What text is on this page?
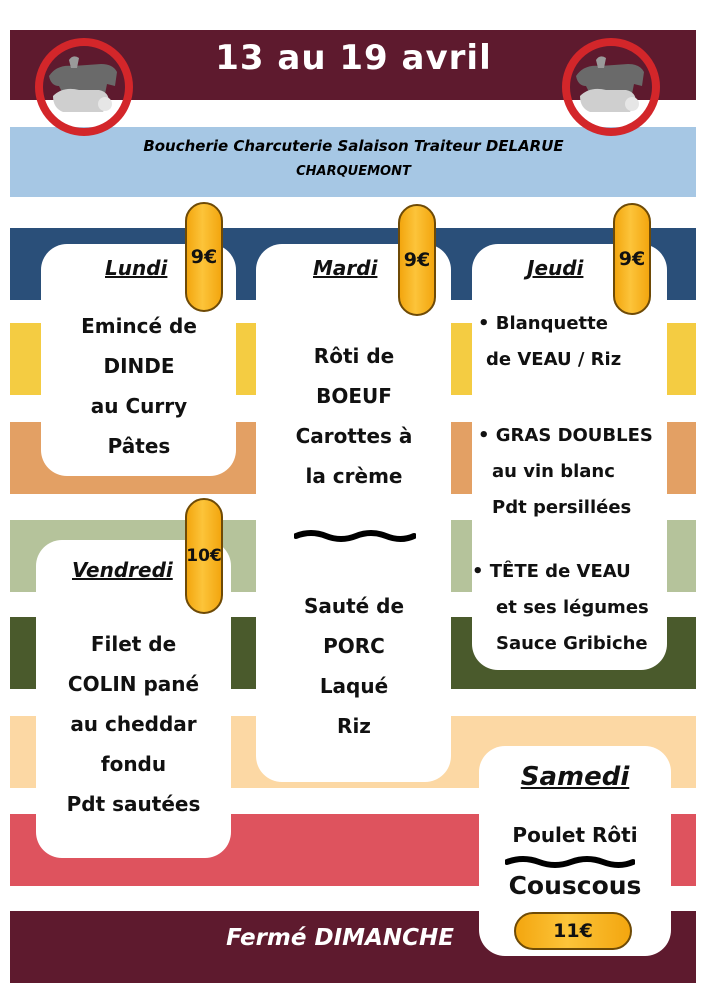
13 au 19 avril
Boucherie Charcuterie Salaison Traiteur DELARUE
CHARQUEMONT
Lundi	9€
Emincé de
DINDE
au Curry
Pâtes
Mardi	9€
Rôti de
BOEUF
Carottes à
la crème
Sauté de
PORC
Laqué
Riz
Jeudi	9€
• Blanquette
de VEAU / Riz
• GRAS DOUBLES
au vin blanc
Pdt persillées
• TÊTE de VEAU
et ses légumes
Sauce Gribiche
Vendredi
10€
Filet de
COLIN pané
au cheddar
fondu
Pdt sautées
Samedi
Poulet Rôti
Couscous
11€
Fermé DIMANCHE
